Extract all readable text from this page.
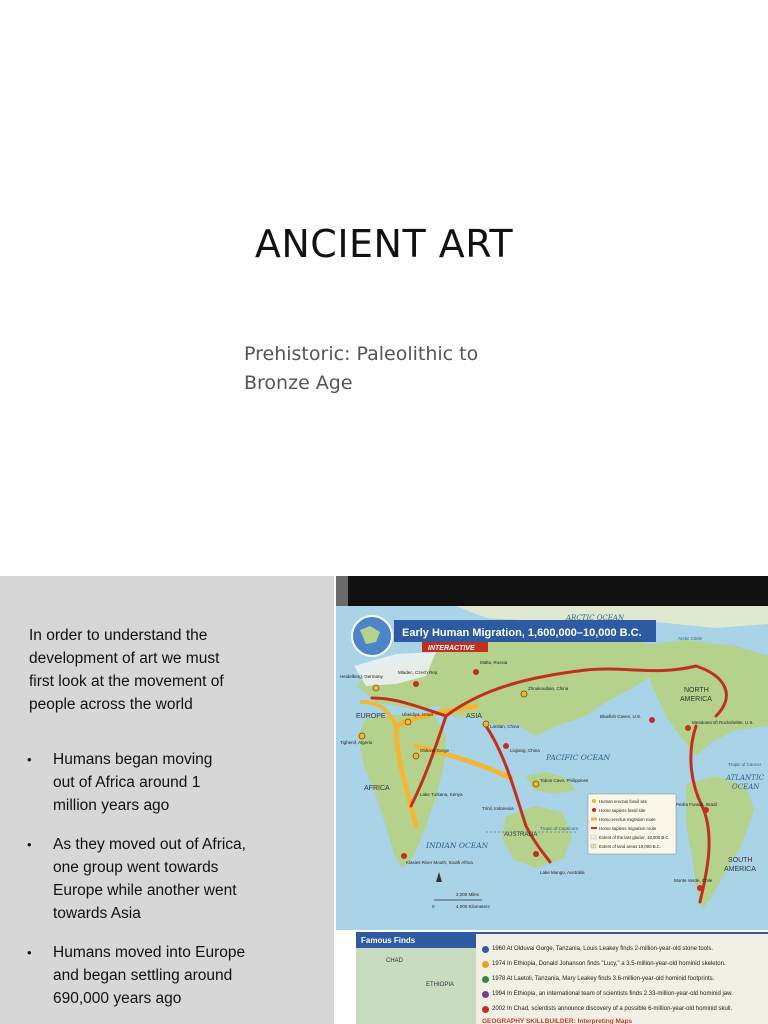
ANCIENT ART
Prehistoric: Paleolithic to
Bronze Age
In order to understand the
development of art we must
first look at the movement of
people across the world
• Humans began moving
out of Africa around 1
million years ago
• As they moved out of Africa,
one group went towards
Europe while another went
towards Asia
• Humans moved into Europe
and began settling around
690,000 years ago
Early Human Migration, 1,600,000–10,000 B.C.
INTERACTIVE
ARCTIC OCEAN
PACIFIC OCEAN
ATLANTIC
OCEAN
INDIAN OCEAN
EUROPE	ASIA
AFRICA
AUSTRALIA
NORTH
AMERICA
SOUTH
AMERICA
Heidelberg, Germany
Mladec, Czech Rep.
Malta, Russia
Zhoukoudian, China
Ubeidiya, Israel
Lantian, China
Tighenif, Algeria
Olduvai Gorge	Liujiang, China
Tabon Cave, Philippines
Trinil, Indonesia
Lake Turkana, Kenya
Klasies River Mouth, South Africa
Lake Mungo, Australia
Bluefish Caves, U.S.
Meadowcroft Rockshelter, U.S.
Pedra Furada, Brazil
Monte Verde, Chile
Arctic Circle
Tropic of Capricorn
Tropic of Cancer
Human erectus fossil site
Homo sapiens fossil site
Homo erectus migration route
Homo sapiens migration route
Extent of the last glacier, 18,000 B.C.
Extent of land areas 18,000 B.C.
0
2,000 Miles
4,000 Kilometers
Famous Finds
CHAD
ETHIOPIA
1960 At Olduvai Gorge, Tanzania, Louis Leakey finds 2-million-year-old stone tools.
1974 In Ethiopia, Donald Johanson finds "Lucy," a 3.5-million-year-old hominid skeleton.
1978 At Laetoli, Tanzania, Mary Leakey finds 3.6-million-year-old hominid footprints.
1994 In Ethiopia, an international team of scientists finds 2.33-million-year-old hominid jaw.
2002 In Chad, scientists announce discovery of a possible 6-million-year-old hominid skull.
GEOGRAPHY SKILLBUILDER: Interpreting Maps
